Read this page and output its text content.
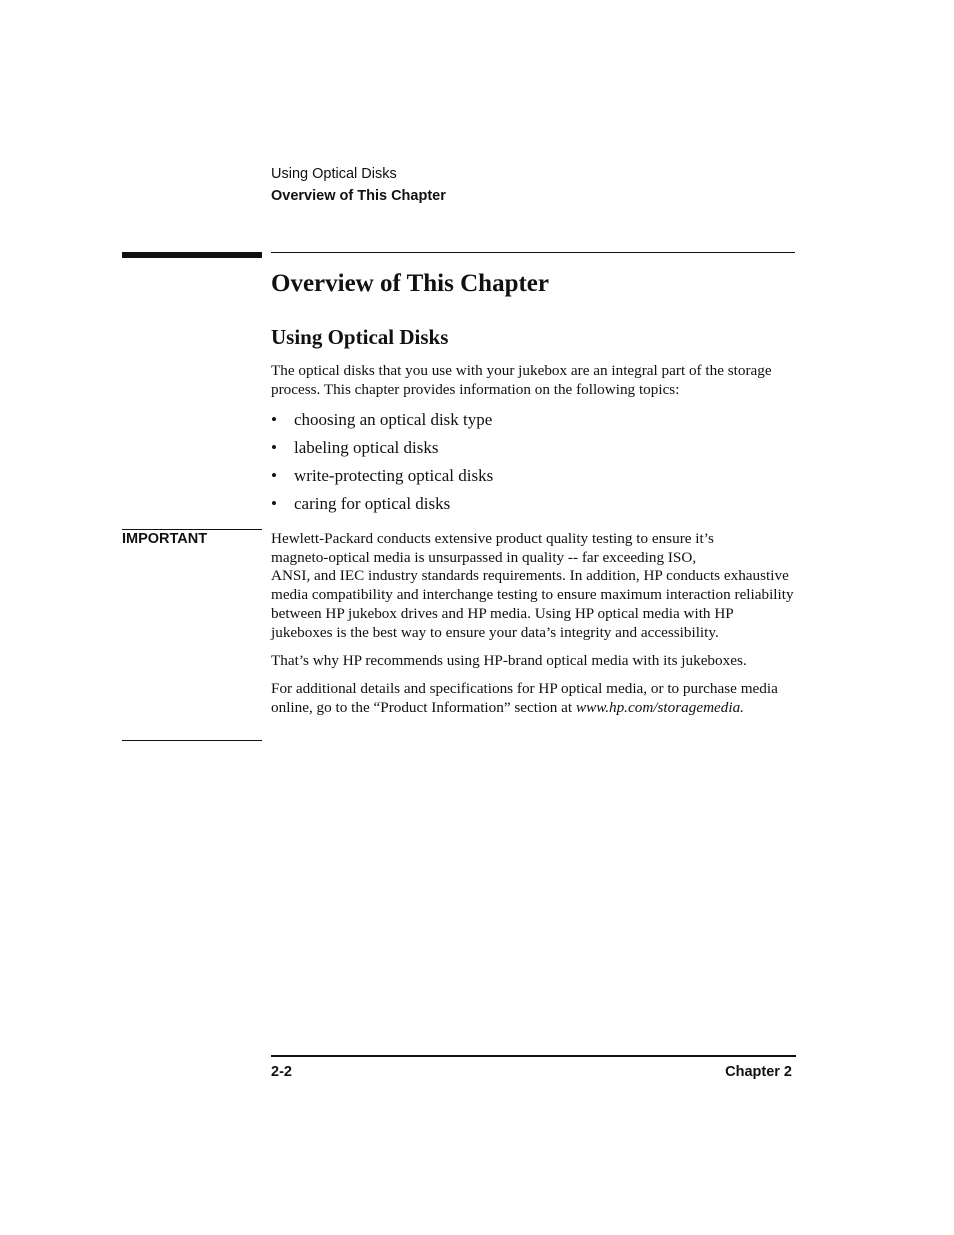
Using Optical Disks
Overview of This Chapter
Overview of This Chapter
Using Optical Disks

The optical disks that you use with your jukebox are an integral part of the storage process. This chapter provides information on the following topics:

• choosing an optical disk type
• labeling optical disks
• write-protecting optical disks
• caring for optical disks
IMPORTANT	Hewlett-Packard conducts extensive product quality testing to ensure it’s
magneto-optical media is unsurpassed in quality -- far exceeding ISO,
ANSI, and IEC industry standards requirements. In addition, HP conducts exhaustive media compatibility and interchange testing to ensure maximum interaction reliability between HP jukebox drives and HP media. Using HP optical media with HP jukeboxes is the best way to ensure your data’s integrity and accessibility.

That’s why HP recommends using HP-brand optical media with its jukeboxes.

For additional details and specifications for HP optical media, or to purchase media online, go to the “Product Information” section at www.hp.com/storagemedia.

2-2	Chapter 2
